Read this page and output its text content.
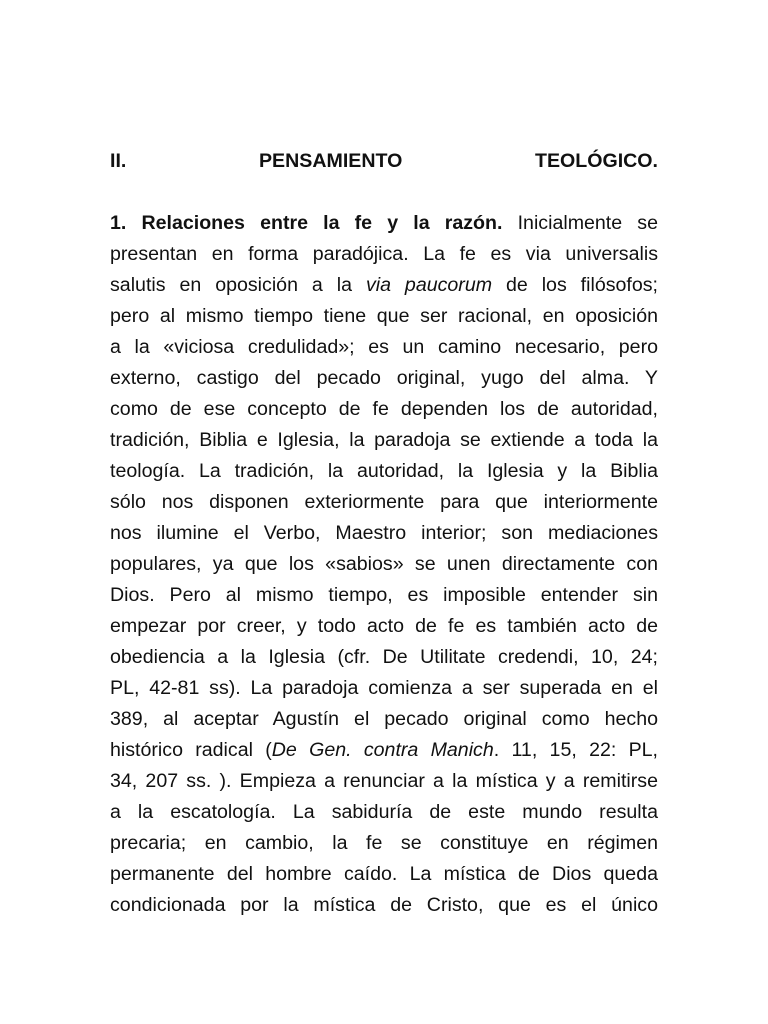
II.	PENSAMIENTO	TEOLÓGICO.
1. Relaciones entre la fe y la razón. Inicialmente se
presentan en forma paradójica. La fe es via universalis
salutis en oposición a la via paucorum de los filósofos;
pero al mismo tiempo tiene que ser racional, en oposición
a la «viciosa credulidad»; es un camino necesario, pero
externo, castigo del pecado original, yugo del alma. Y
como de ese concepto de fe dependen los de autoridad,
tradición, Biblia e Iglesia, la paradoja se extiende a toda la
teología. La tradición, la autoridad, la Iglesia y la Biblia
sólo nos disponen exteriormente para que interiormente
nos ilumine el Verbo, Maestro interior; son mediaciones
populares, ya que los «sabios» se unen directamente con
Dios. Pero al mismo tiempo, es imposible entender sin
empezar por creer, y todo acto de fe es también acto de
obediencia a la Iglesia (cfr. De Utilitate credendi, 10, 24;
PL, 42-81 ss). La paradoja comienza a ser superada en el
389, al aceptar Agustín el pecado original como hecho
histórico radical (De Gen. contra Manich. 11, 15, 22: PL,
34, 207 ss. ). Empieza a renunciar a la mística y a remitirse
a la escatología. La sabiduría de este mundo resulta
precaria; en cambio, la fe se constituye en régimen
permanente del hombre caído. La mística de Dios queda
condicionada por la mística de Cristo, que es el único
